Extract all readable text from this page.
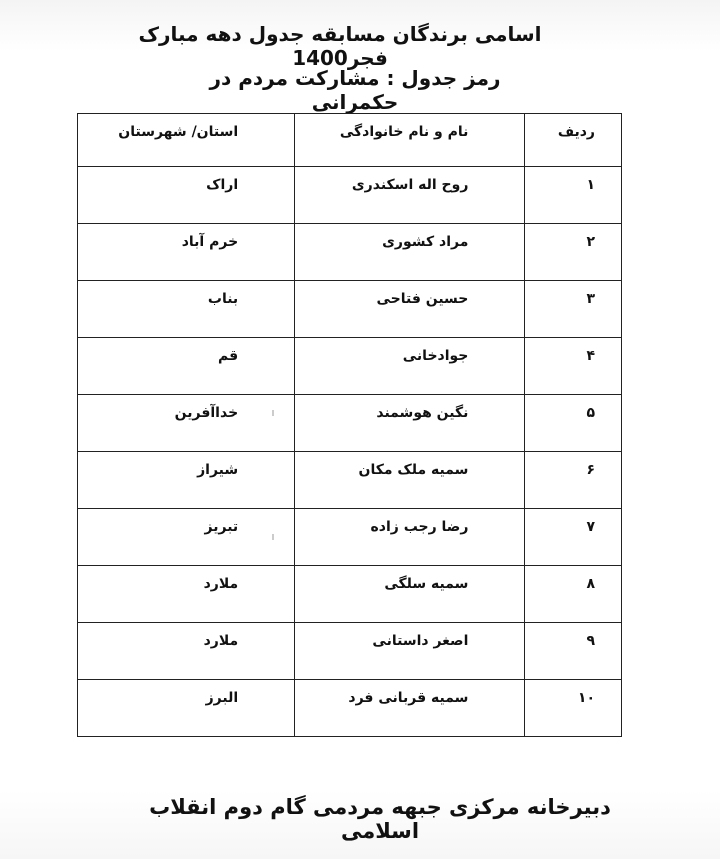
اسامی برندگان مسابقه جدول دهه مبارک فجر1400
رمز جدول : مشارکت مردم در حکمرانی
ردیف	نام و نام خانوادگی	استان/ شهرستان
۱	روح اله اسکندری	اراک
۲	مراد کشوری	خرم آباد
۳	حسین فتاحی	بناب
۴	جوادخانی	قم
۵	نگین هوشمند	خداآفرین
۶	سمیه ملک مکان	شیراز
۷	رضا رجب زاده	تبریز
۸	سمیه سلگی	ملارد
۹	اصغر داستانی	ملارد
۱۰	سمیه قربانی فرد	البرز
دبیرخانه مرکزی جبهه مردمی گام دوم انقلاب اسلامی
